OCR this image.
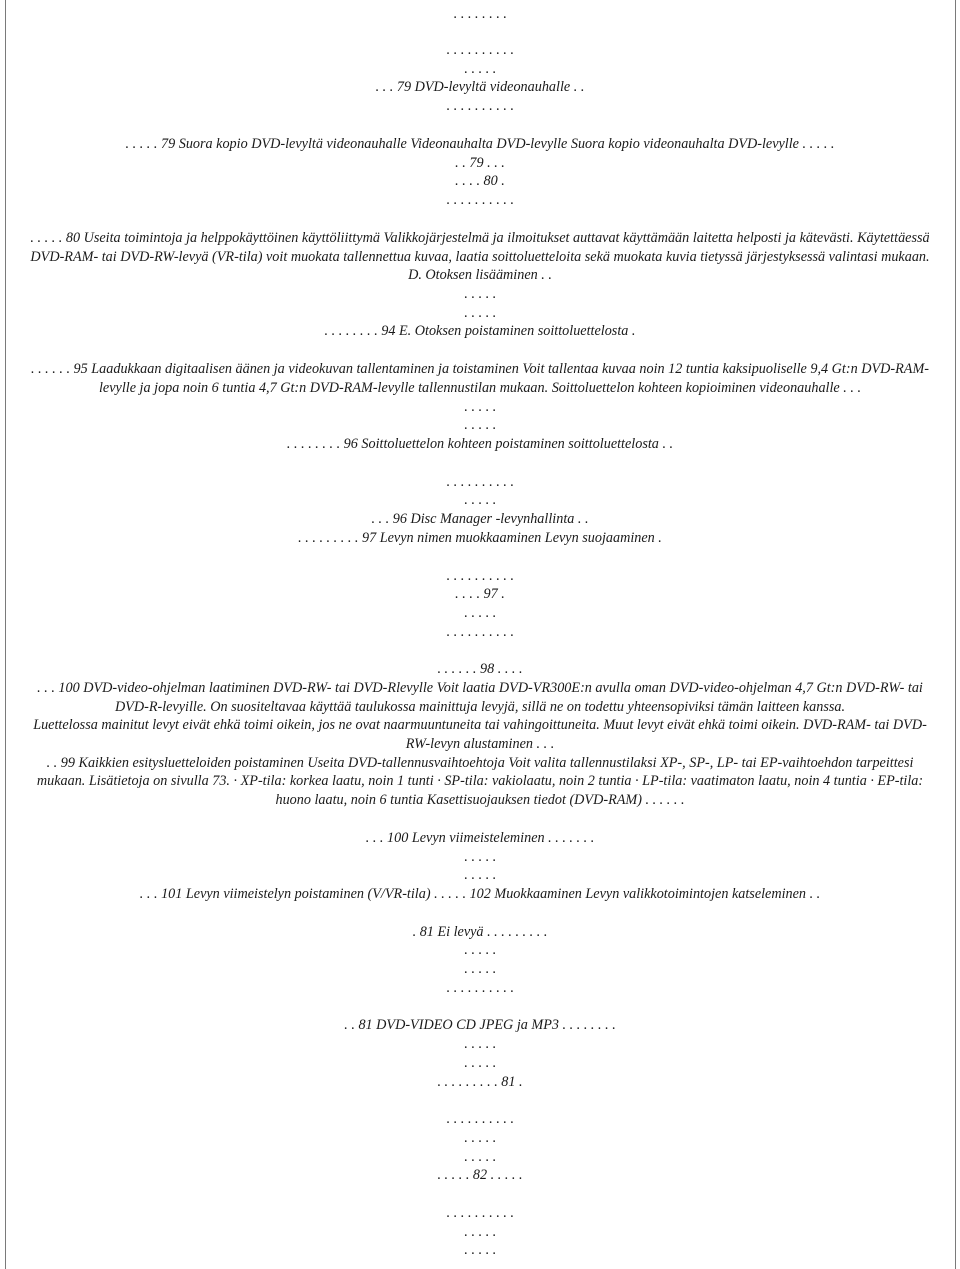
. . . . . . . .
. . . . . . . . . .
. . . . .
. . . 79 DVD-levyltä videonauhalle . .
. . . . . . . . . .
. . . . . 79 Suora kopio DVD-levyltä videonauhalle Videonauhalta DVD-levylle Suora kopio videonauhalta DVD-levylle . . . . .
. . 79 . . .
. . . . 80 .
. . . . . . . . . .
. . . . . 80 Useita toimintoja ja helppokäyttöinen käyttöliittymä Valikkojärjestelmä ja ilmoitukset auttavat käyttämään laitetta helposti ja kätevästi. Käytettäessä
DVD-RAM- tai DVD-RW-levyä (VR-tila) voit muokata tallennettua kuvaa, laatia soittoluetteloita sekä muokata kuvia tietyssä järjestyksessä valintasi mukaan.
D. Otoksen lisääminen . .
. . . . .
. . . . .
. . . . . . . . 94 E. Otoksen poistaminen soittoluettelosta .
. . . . . . 95 Laadukkaan digitaalisen äänen ja videokuvan tallentaminen ja toistaminen Voit tallentaa kuvaa noin 12 tuntia kaksipuoliselle 9,4 Gt:n DVD-RAM-
levylle ja jopa noin 6 tuntia 4,7 Gt:n DVD-RAM-levylle tallennustilan mukaan. Soittoluettelon kohteen kopioiminen videonauhalle . . .
. . . . .
. . . . .
. . . . . . . . 96 Soittoluettelon kohteen poistaminen soittoluettelosta . .
. . . . . . . . . .
. . . . .
. . . 96 Disc Manager -levynhallinta . .
. . . . . . . . . 97 Levyn nimen muokkaaminen Levyn suojaaminen .
. . . . . . . . . .
. . . . 97 .
. . . . .
. . . . . . . . . .
. . . . . . 98 . . . .
. . . 100 DVD-video-ohjelman laatiminen DVD-RW- tai DVD-Rlevylle Voit laatia DVD-VR300E:n avulla oman DVD-video-ohjelman 4,7 Gt:n DVD-RW- tai
DVD-R-levyille. On suositeltavaa käyttää taulukossa mainittuja levyjä, sillä ne on todettu yhteensopiviksi tämän laitteen kanssa.
Luettelossa mainitut levyt eivät ehkä toimi oikein, jos ne ovat naarmuuntuneita tai vahingoittuneita. Muut levyt eivät ehkä toimi oikein. DVD-RAM- tai DVD-
RW-levyn alustaminen . . .
. . 99 Kaikkien esitysluetteloiden poistaminen Useita DVD-tallennusvaihtoehtoja Voit valita tallennustilaksi XP-, SP-, LP- tai EP-vaihtoehdon tarpeittesi
mukaan. Lisätietoja on sivulla 73. · XP-tila: korkea laatu, noin 1 tunti · SP-tila: vakiolaatu, noin 2 tuntia · LP-tila: vaatimaton laatu, noin 4 tuntia · EP-tila:
huono laatu, noin 6 tuntia Kasettisuojauksen tiedot (DVD-RAM) . . . . . .
. . . 100 Levyn viimeisteleminen . . . . . . .
. . . . .
. . . . .
. . . 101 Levyn viimeistelyn poistaminen (V/VR-tila) . . . . . 102 Muokkaaminen Levyn valikkotoimintojen katseleminen . .
. 81 Ei levyä . . . . . . . . .
. . . . .
. . . . .
. . . . . . . . . .
. . 81 DVD-VIDEO CD JPEG ja MP3 . . . . . . . .
. . . . .
. . . . .
. . . . . . . . . 81 .
. . . . . . . . . .
. . . . .
. . . . .
. . . . . 82 . . . . .
. . . . . . . . . .
. . . . .
. . . . .
